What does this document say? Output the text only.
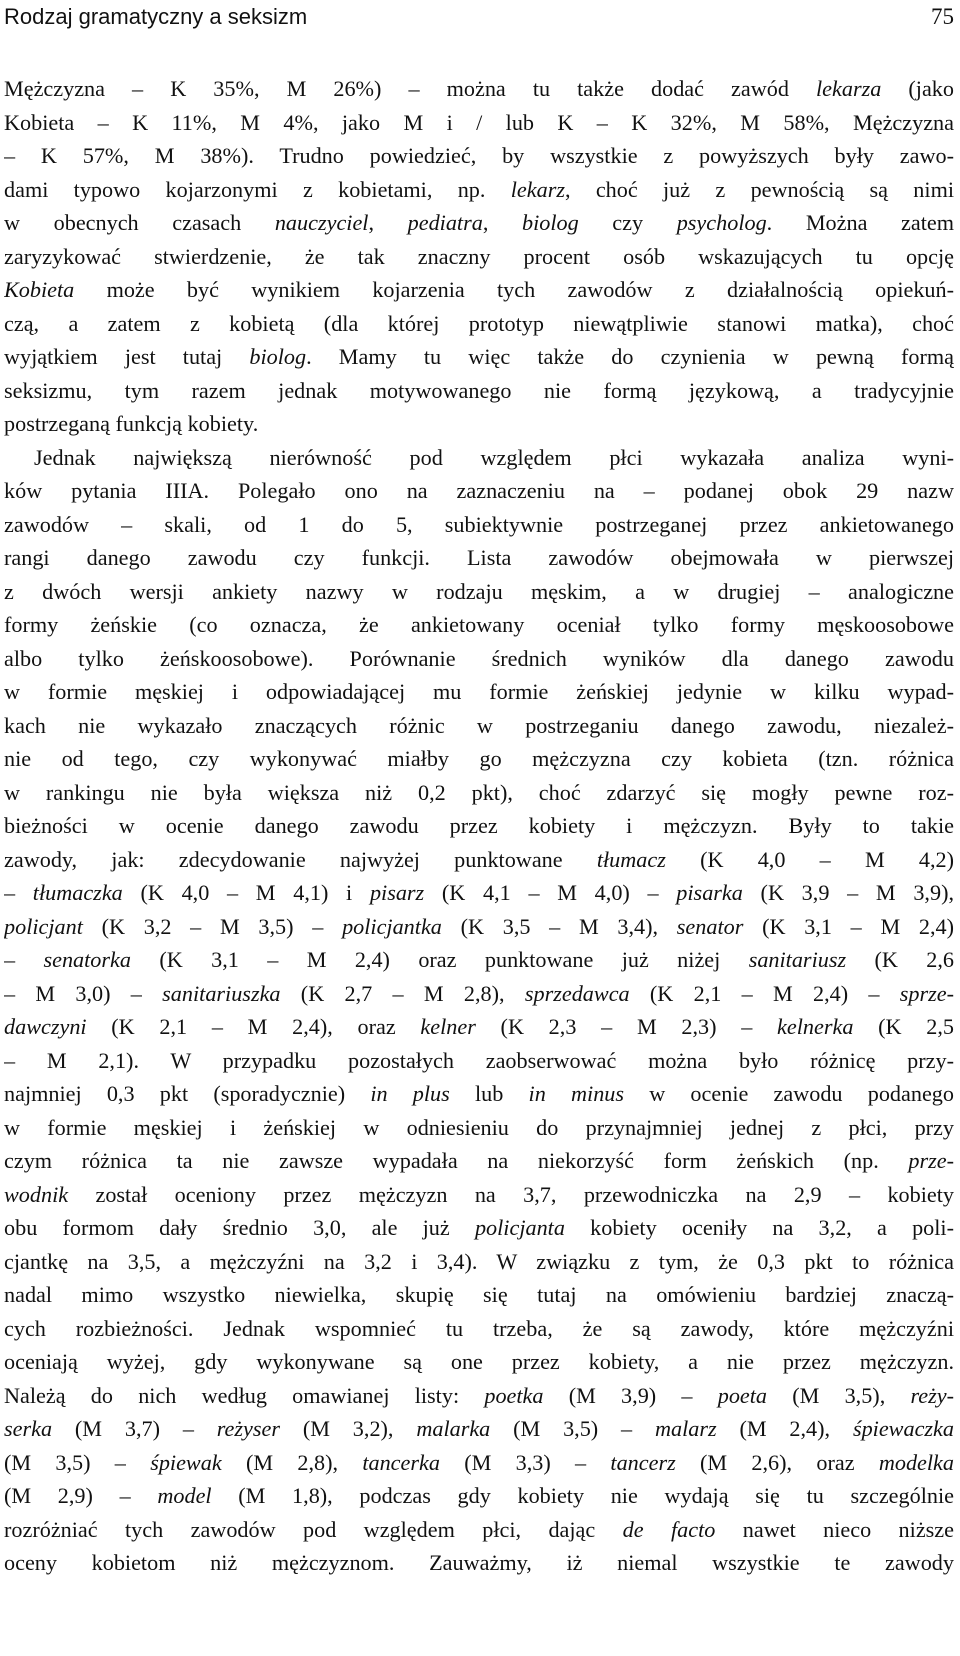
Rodzaj gramatyczny a seksizm	75
Mężczyzna – K 35%, M 26%) – można tu także dodać zawód lekarza (jako
Kobieta – K 11%, M 4%, jako M i / lub K – K 32%, M 58%, Mężczyzna
– K 57%, M 38%). Trudno powiedzieć, by wszystkie z powyższych były zawo-
dami typowo kojarzonymi z kobietami, np. lekarz, choć już z pewnością są nimi
w obecnych czasach nauczyciel, pediatra, biolog czy psycholog. Można zatem
zaryzykować stwierdzenie, że tak znaczny procent osób wskazujących tu opcję
Kobieta może być wynikiem kojarzenia tych zawodów z działalnością opiekuń-
czą, a zatem z kobietą (dla której prototyp niewątpliwie stanowi matka), choć
wyjątkiem jest tutaj biolog. Mamy tu więc także do czynienia w pewną formą
seksizmu, tym razem jednak motywowanego nie formą językową, a tradycyjnie
postrzeganą funkcją kobiety.
Jednak największą nierówność pod względem płci wykazała analiza wyni-
ków pytania IIIA. Polegało ono na zaznaczeniu na – podanej obok 29 nazw
zawodów – skali, od 1 do 5, subiektywnie postrzeganej przez ankietowanego
rangi danego zawodu czy funkcji. Lista zawodów obejmowała w pierwszej
z dwóch wersji ankiety nazwy w rodzaju męskim, a w drugiej – analogiczne
formy żeńskie (co oznacza, że ankietowany oceniał tylko formy męskoosobowe
albo tylko żeńskoosobowe). Porównanie średnich wyników dla danego zawodu
w formie męskiej i odpowiadającej mu formie żeńskiej jedynie w kilku wypad-
kach nie wykazało znaczących różnic w postrzeganiu danego zawodu, niezależ-
nie od tego, czy wykonywać miałby go mężczyzna czy kobieta (tzn. różnica
w rankingu nie była większa niż 0,2 pkt), choć zdarzyć się mogły pewne roz-
bieżności w ocenie danego zawodu przez kobiety i mężczyzn. Były to takie
zawody, jak: zdecydowanie najwyżej punktowane tłumacz (K 4,0 – M 4,2)
– tłumaczka (K 4,0 – M 4,1) i pisarz (K 4,1 – M 4,0) – pisarka (K 3,9 – M 3,9),
policjant (K 3,2 – M 3,5) – policjantka (K 3,5 – M 3,4), senator (K 3,1 – M 2,4)
– senatorka (K 3,1 – M 2,4) oraz punktowane już niżej sanitariusz (K 2,6
– M 3,0) – sanitariuszka (K 2,7 – M 2,8), sprzedawca (K 2,1 – M 2,4) – sprze-
dawczyni (K 2,1 – M 2,4), oraz kelner (K 2,3 – M 2,3) – kelnerka (K 2,5
– M 2,1). W przypadku pozostałych zaobserwować można było różnicę przy-
najmniej 0,3 pkt (sporadycznie) in plus lub in minus w ocenie zawodu podanego
w formie męskiej i żeńskiej w odniesieniu do przynajmniej jednej z płci, przy
czym różnica ta nie zawsze wypadała na niekorzyść form żeńskich (np. prze-
wodnik został oceniony przez mężczyzn na 3,7, przewodniczka na 2,9 – kobiety
obu formom dały średnio 3,0, ale już policjanta kobiety oceniły na 3,2, a poli-
cjantkę na 3,5, a mężczyźni na 3,2 i 3,4). W związku z tym, że 0,3 pkt to różnica
nadal mimo wszystko niewielka, skupię się tutaj na omówieniu bardziej znaczą-
cych rozbieżności. Jednak wspomnieć tu trzeba, że są zawody, które mężczyźni
oceniają wyżej, gdy wykonywane są one przez kobiety, a nie przez mężczyzn.
Należą do nich według omawianej listy: poetka (M 3,9) – poeta (M 3,5), reży-
serka (M 3,7) – reżyser (M 3,2), malarka (M 3,5) – malarz (M 2,4), śpiewaczka
(M 3,5) – śpiewak (M 2,8), tancerka (M 3,3) – tancerz (M 2,6), oraz modelka
(M 2,9) – model (M 1,8), podczas gdy kobiety nie wydają się tu szczególnie
rozróżniać tych zawodów pod względem płci, dając de facto nawet nieco niższe
oceny kobietom niż mężczyznom. Zauważmy, iż niemal wszystkie te zawody
